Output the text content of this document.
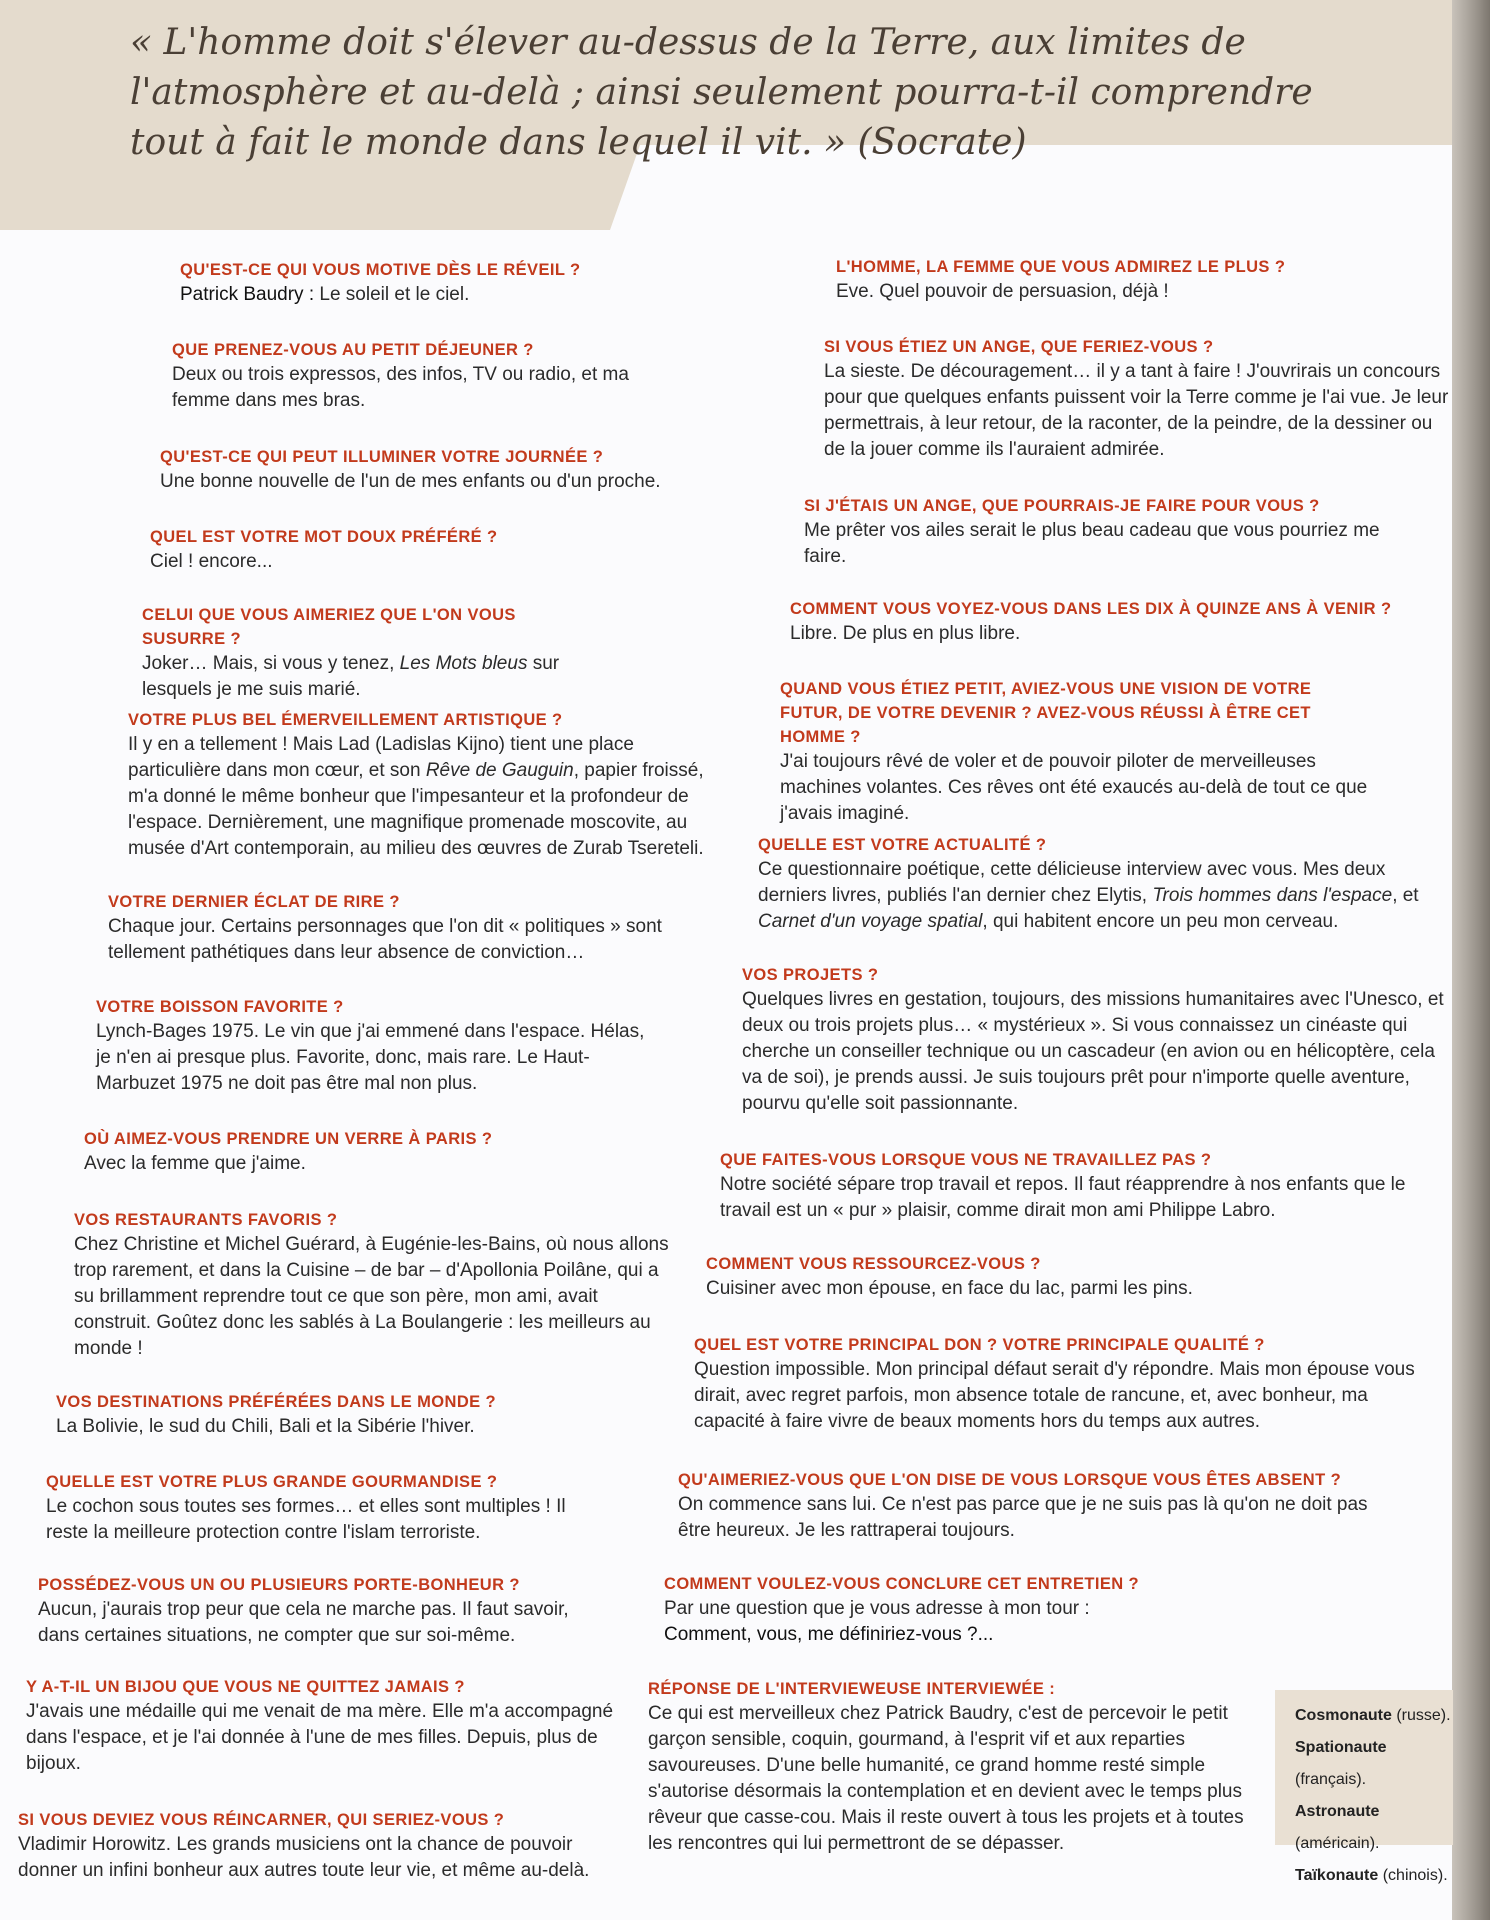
« L'homme doit s'élever au-dessus de la Terre, aux limites de l'atmosphère et au-delà ; ainsi seulement pourra-t-il comprendre tout à fait le monde dans lequel il vit. » (Socrate)

QU'EST-CE QUI VOUS MOTIVE DÈS LE RÉVEIL ?
Patrick Baudry : Le soleil et le ciel.
QUE PRENEZ-VOUS AU PETIT DÉJEUNER ?
Deux ou trois expressos, des infos, TV ou radio, et ma femme dans mes bras.
QU'EST-CE QUI PEUT ILLUMINER VOTRE JOURNÉE ?
Une bonne nouvelle de l'un de mes enfants ou d'un proche.
QUEL EST VOTRE MOT DOUX PRÉFÉRÉ ?
Ciel ! encore...
CELUI QUE VOUS AIMERIEZ QUE L'ON VOUS SUSURRE ?
Joker… Mais, si vous y tenez, Les Mots bleus sur lesquels je me suis marié.
VOTRE PLUS BEL ÉMERVEILLEMENT ARTISTIQUE ?
Il y en a tellement ! Mais Lad (Ladislas Kijno) tient une place particulière dans mon cœur, et son Rêve de Gauguin, papier froissé, m'a donné le même bonheur que l'impesanteur et la profondeur de l'espace. Dernièrement, une magnifique promenade moscovite, au musée d'Art contemporain, au milieu des œuvres de Zurab Tsereteli.
VOTRE DERNIER ÉCLAT DE RIRE ?
Chaque jour. Certains personnages que l'on dit « politiques » sont tellement pathétiques dans leur absence de conviction…
VOTRE BOISSON FAVORITE ?
Lynch-Bages 1975. Le vin que j'ai emmené dans l'espace. Hélas, je n'en ai presque plus. Favorite, donc, mais rare. Le Haut-Marbuzet 1975 ne doit pas être mal non plus.
OÙ AIMEZ-VOUS PRENDRE UN VERRE À PARIS ?
Avec la femme que j'aime.
VOS RESTAURANTS FAVORIS ?
Chez Christine et Michel Guérard, à Eugénie-les-Bains, où nous allons trop rarement, et dans la Cuisine – de bar – d'Apollonia Poilâne, qui a su brillamment reprendre tout ce que son père, mon ami, avait construit. Goûtez donc les sablés à La Boulangerie : les meilleurs au monde !
VOS DESTINATIONS PRÉFÉRÉES DANS LE MONDE ?
La Bolivie, le sud du Chili, Bali et la Sibérie l'hiver.
QUELLE EST VOTRE PLUS GRANDE GOURMANDISE ?
Le cochon sous toutes ses formes… et elles sont multiples ! Il reste la meilleure protection contre l'islam terroriste.
POSSÉDEZ-VOUS UN OU PLUSIEURS PORTE-BONHEUR ?
Aucun, j'aurais trop peur que cela ne marche pas. Il faut savoir, dans certaines situations, ne compter que sur soi-même.
Y A-T-IL UN BIJOU QUE VOUS NE QUITTEZ JAMAIS ?
J'avais une médaille qui me venait de ma mère. Elle m'a accompagné dans l'espace, et je l'ai donnée à l'une de mes filles. Depuis, plus de bijoux.
SI VOUS DEVIEZ VOUS RÉINCARNER, QUI SERIEZ-VOUS ?
Vladimir Horowitz. Les grands musiciens ont la chance de pouvoir donner un infini bonheur aux autres toute leur vie, et même au-delà.
L'HOMME, LA FEMME QUE VOUS ADMIREZ LE PLUS ?
Eve. Quel pouvoir de persuasion, déjà !
SI VOUS ÉTIEZ UN ANGE, QUE FERIEZ-VOUS ?
La sieste. De découragement… il y a tant à faire ! J'ouvrirais un concours pour que quelques enfants puissent voir la Terre comme je l'ai vue. Je leur permettrais, à leur retour, de la raconter, de la peindre, de la dessiner ou de la jouer comme ils l'auraient admirée.
SI J'ÉTAIS UN ANGE, QUE POURRAIS-JE FAIRE POUR VOUS ?
Me prêter vos ailes serait le plus beau cadeau que vous pourriez me faire.
COMMENT VOUS VOYEZ-VOUS DANS LES DIX À QUINZE ANS À VENIR ?
Libre. De plus en plus libre.
QUAND VOUS ÉTIEZ PETIT, AVIEZ-VOUS UNE VISION DE VOTRE FUTUR, DE VOTRE DEVENIR ? AVEZ-VOUS RÉUSSI À ÊTRE CET HOMME ?
J'ai toujours rêvé de voler et de pouvoir piloter de merveilleuses machines volantes. Ces rêves ont été exaucés au-delà de tout ce que j'avais imaginé.
QUELLE EST VOTRE ACTUALITÉ ?
Ce questionnaire poétique, cette délicieuse interview avec vous. Mes deux derniers livres, publiés l'an dernier chez Elytis, Trois hommes dans l'espace, et Carnet d'un voyage spatial, qui habitent encore un peu mon cerveau.
VOS PROJETS ?
Quelques livres en gestation, toujours, des missions humanitaires avec l'Unesco, et deux ou trois projets plus… « mystérieux ». Si vous connaissez un cinéaste qui cherche un conseiller technique ou un cascadeur (en avion ou en hélicoptère, cela va de soi), je prends aussi. Je suis toujours prêt pour n'importe quelle aventure, pourvu qu'elle soit passionnante.
QUE FAITES-VOUS LORSQUE VOUS NE TRAVAILLEZ PAS ?
Notre société sépare trop travail et repos. Il faut réapprendre à nos enfants que le travail est un « pur » plaisir, comme dirait mon ami Philippe Labro.
COMMENT VOUS RESSOURCEZ-VOUS ?
Cuisiner avec mon épouse, en face du lac, parmi les pins.
QUEL EST VOTRE PRINCIPAL DON ? VOTRE PRINCIPALE QUALITÉ ?
Question impossible. Mon principal défaut serait d'y répondre. Mais mon épouse vous dirait, avec regret parfois, mon absence totale de rancune, et, avec bonheur, ma capacité à faire vivre de beaux moments hors du temps aux autres.
QU'AIMERIEZ-VOUS QUE L'ON DISE DE VOUS LORSQUE VOUS ÊTES ABSENT ?
On commence sans lui. Ce n'est pas parce que je ne suis pas là qu'on ne doit pas être heureux. Je les rattraperai toujours.
COMMENT VOULEZ-VOUS CONCLURE CET ENTRETIEN ?
Par une question que je vous adresse à mon tour :
Comment, vous, me définiriez-vous ?...
RÉPONSE DE L'INTERVIEWEUSE INTERVIEWÉE :
Ce qui est merveilleux chez Patrick Baudry, c'est de percevoir le petit garçon sensible, coquin, gourmand, à l'esprit vif et aux reparties savoureuses. D'une belle humanité, ce grand homme resté simple s'autorise désormais la contemplation et en devient avec le temps plus rêveur que casse-cou. Mais il reste ouvert à tous les projets et à toutes les rencontres qui lui permettront de se dépasser.

Cosmonaute (russe).

Spationaute (français).

Astronaute (américain).

Taïkonaute (chinois).
